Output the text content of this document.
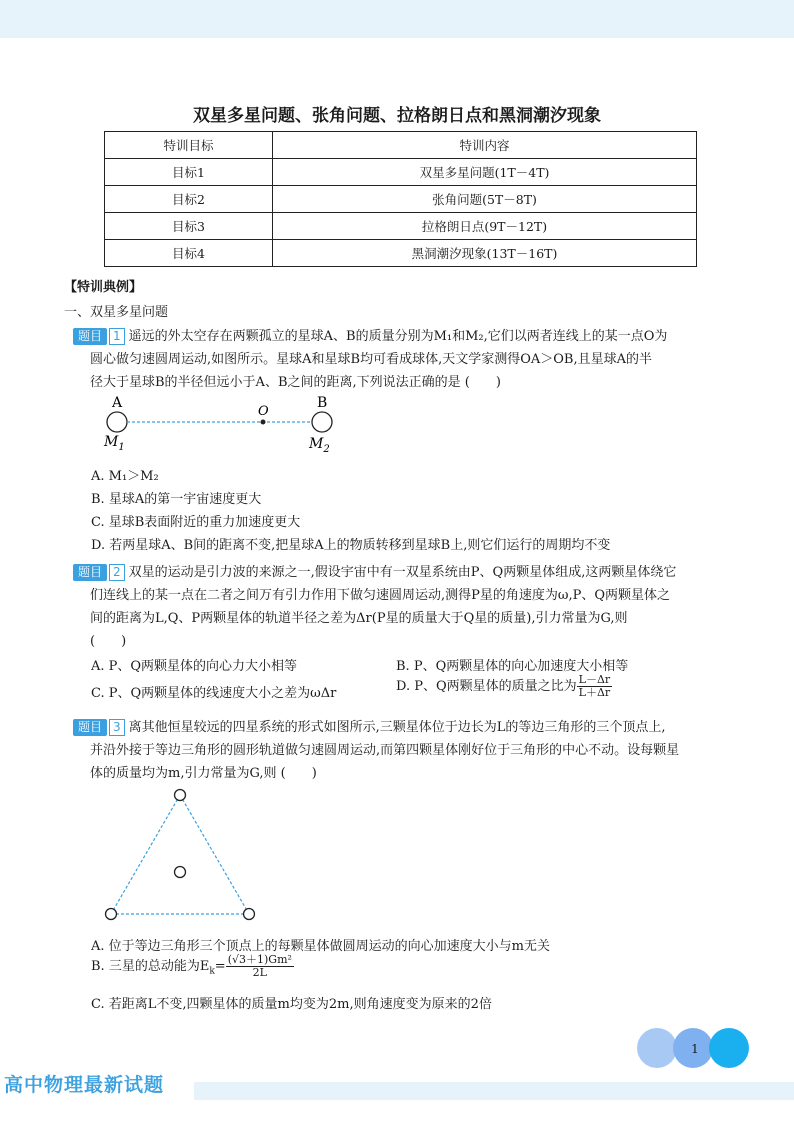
双星多星问题、张角问题、拉格朗日点和黑洞潮汐现象
特训目标	特训内容
目标1	双星多星问题(1T－4T)
目标2	张角问题(5T－8T)
目标3	拉格朗日点(9T－12T)
目标4	黑洞潮汐现象(13T－16T)
【特训典例】
一、双星多星问题
题目 1 遥远的外太空存在两颗孤立的星球A、B的质量分别为M₁和M₂,它们以两者连线上的某一点O为
圆心做匀速圆周运动,如图所示。星球A和星球B均可看成球体,天文学家测得OA＞OB,且星球A的半
径大于星球B的半径但远小于A、B之间的距离,下列说法正确的是 (　　)
A	B
O
$M_1$	$M_2$
A. M₁＞M₂
B. 星球A的第一宇宙速度更大
C. 星球B表面附近的重力加速度更大
D. 若两星球A、B间的距离不变,把星球A上的物质转移到星球B上,则它们运行的周期均不变
题目 2 双星的运动是引力波的来源之一,假设宇宙中有一双星系统由P、Q两颗星体组成,这两颗星体绕它
们连线上的某一点在二者之间万有引力作用下做匀速圆周运动,测得P星的角速度为ω,P、Q两颗星体之
间的距离为L,Q、P两颗星体的轨道半径之差为Δr(P星的质量大于Q星的质量),引力常量为G,则
(　　)
A. P、Q两颗星体的向心力大小相等	B. P、Q两颗星体的向心加速度大小相等
C. P、Q两颗星体的线速度大小之差为ωΔr	D. P、Q两颗星体的质量之比为 $\frac{L-\Delta r}{L+\Delta r}$
题目 3 离其他恒星较远的四星系统的形式如图所示,三颗星体位于边长为L的等边三角形的三个顶点上,
并沿外接于等边三角形的圆形轨道做匀速圆周运动,而第四颗星体刚好位于三角形的中心不动。设每颗星
体的质量均为m,引力常量为G,则 (　　)
A. 位于等边三角形三个顶点上的每颗星体做圆周运动的向心加速度大小与m无关
B. 三星的总动能为$E_k= \frac{\text{(√3＋1)Gm²}}{2L}$
C. 若距离L不变,四颗星体的质量m均变为2m,则角速度变为原来的2倍
1
高中物理最新试题
